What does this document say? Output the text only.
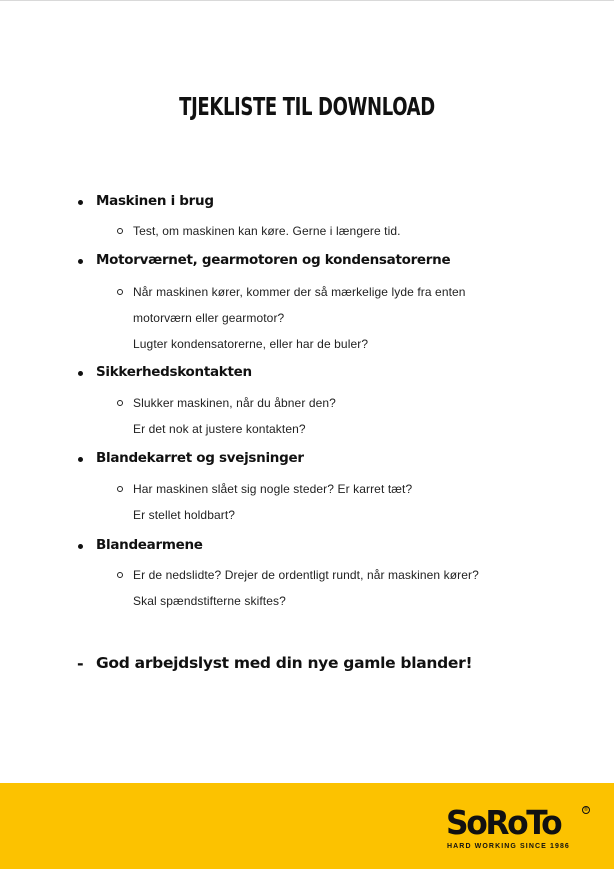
TJEKLISTE TIL DOWNLOAD
Maskinen i brug
Test, om maskinen kan køre. Gerne i længere tid.
Motorværnet, gearmotoren og kondensatorerne
Når maskinen kører, kommer der så mærkelige lyde fra enten
motorværn eller gearmotor?
Lugter kondensatorerne, eller har de buler?
Sikkerhedskontakten
Slukker maskinen, når du åbner den?
Er det nok at justere kontakten?
Blandekarret og svejsninger
Har maskinen slået sig nogle steder? Er karret tæt?
Er stellet holdbart?
Blandearmene
Er de nedslidte? Drejer de ordentligt rundt, når maskinen kører?
Skal spændstifterne skiftes?
- God arbejdslyst med din nye gamle blander!
SoRoTo	®
HARD WORKING SINCE 1986
